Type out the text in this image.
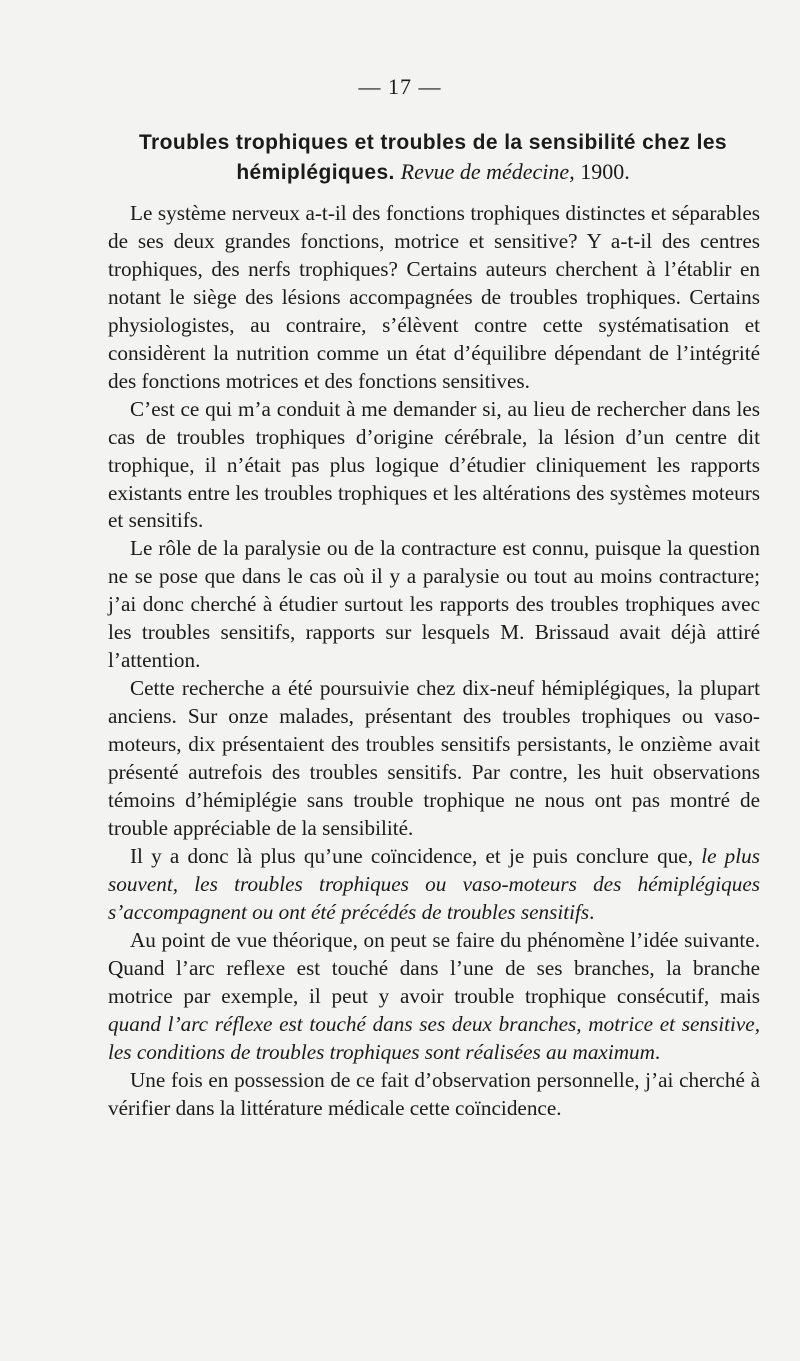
— 17 —
Troubles trophiques et troubles de la sensibilité chez les hémiplégiques. Revue de médecine, 1900.

Le système nerveux a-t-il des fonctions trophiques distinctes et séparables de ses deux grandes fonctions, motrice et sensitive? Y a-t-il des centres trophiques, des nerfs trophiques? Certains auteurs cherchent à l’établir en notant le siège des lésions accompagnées de troubles trophiques. Certains physiologistes, au contraire, s’élèvent contre cette systématisation et considèrent la nutrition comme un état d’équilibre dépendant de l’intégrité des fonctions motrices et des fonctions sensitives.

C’est ce qui m’a conduit à me demander si, au lieu de rechercher dans les cas de troubles trophiques d’origine cérébrale, la lésion d’un centre dit trophique, il n’était pas plus logique d’étudier cliniquement les rapports existants entre les troubles trophiques et les altérations des systèmes moteurs et sensitifs.

Le rôle de la paralysie ou de la contracture est connu, puisque la question ne se pose que dans le cas où il y a paralysie ou tout au moins contracture; j’ai donc cherché à étudier surtout les rapports des troubles trophiques avec les troubles sensitifs, rapports sur lesquels M. Brissaud avait déjà attiré l’attention.

Cette recherche a été poursuivie chez dix-neuf hémiplégiques, la plupart anciens. Sur onze malades, présentant des troubles trophiques ou vaso-moteurs, dix présentaient des troubles sensitifs persistants, le onzième avait présenté autrefois des troubles sensitifs. Par contre, les huit observations témoins d’hémiplégie sans trouble trophique ne nous ont pas montré de trouble appréciable de la sensibilité.

Il y a donc là plus qu’une coïncidence, et je puis conclure que, le plus souvent, les troubles trophiques ou vaso-moteurs des hémiplégiques s’accompagnent ou ont été précédés de troubles sensitifs.

Au point de vue théorique, on peut se faire du phénomène l’idée suivante. Quand l’arc reflexe est touché dans l’une de ses branches, la branche motrice par exemple, il peut y avoir trouble trophique consécutif, mais quand l’arc réflexe est touché dans ses deux branches, motrice et sensitive, les conditions de troubles trophiques sont réalisées au maximum.

Une fois en possession de ce fait d’observation personnelle, j’ai cherché à vérifier dans la littérature médicale cette coïncidence.
